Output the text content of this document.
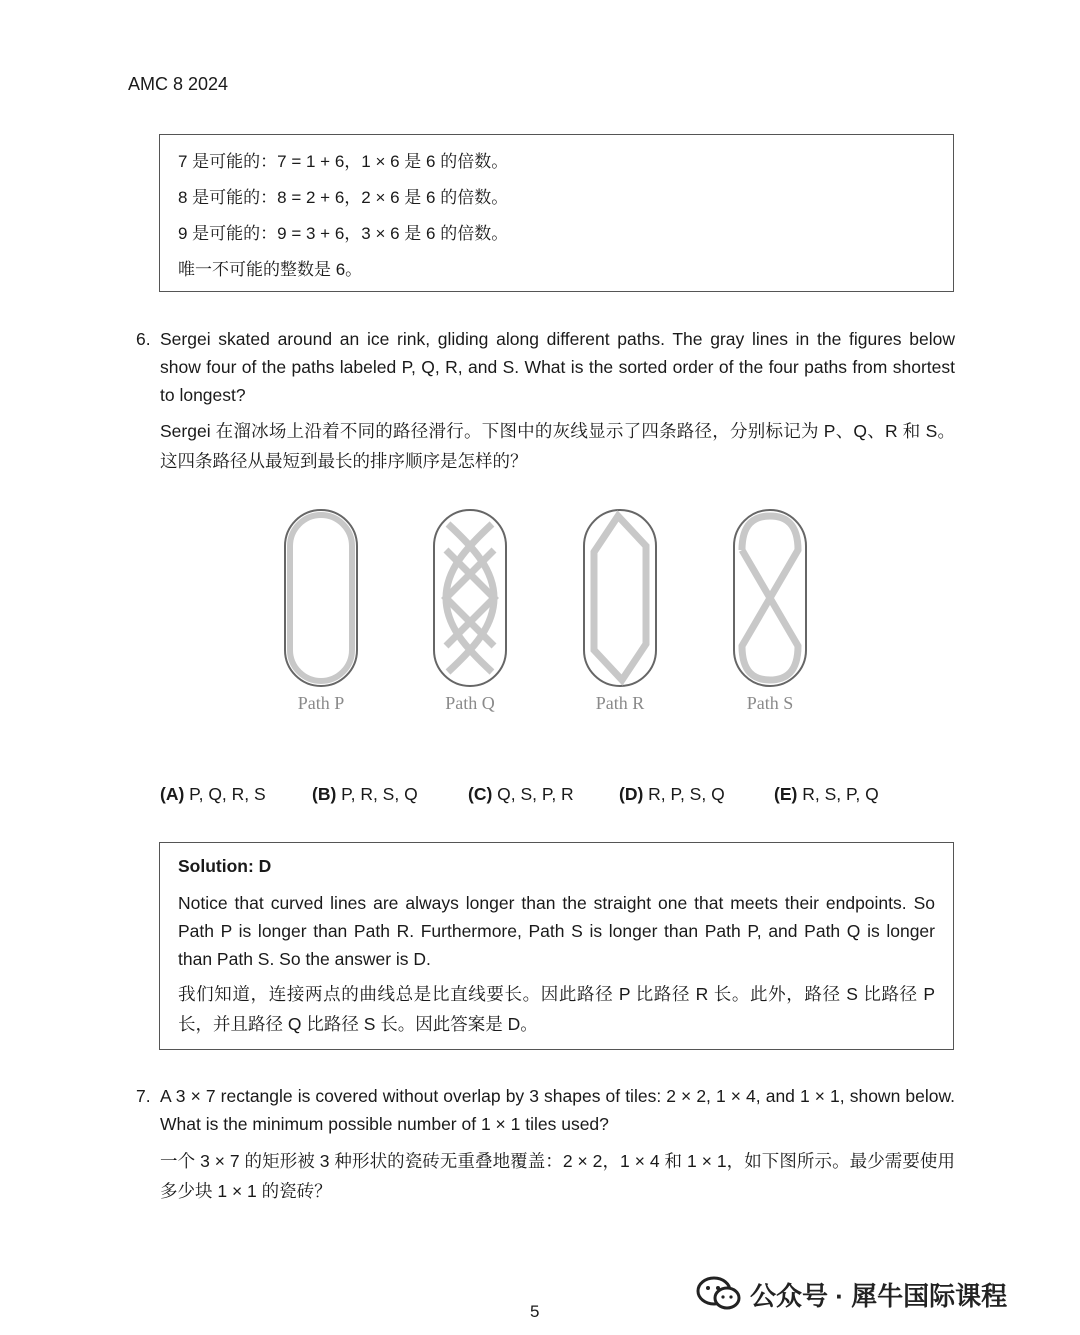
AMC 8 2024
7 是可能的：7 = 1 + 6，1 × 6 是 6 的倍数。
8 是可能的：8 = 2 + 6，2 × 6 是 6 的倍数。
9 是可能的：9 = 3 + 6，3 × 6 是 6 的倍数。
唯一不可能的整数是 6。
6. Sergei skated around an ice rink, gliding along different paths. The gray lines in the figures below show four of the paths labeled P, Q, R, and S. What is the sorted order of the four paths from shortest to longest?
Sergei 在溜冰场上沿着不同的路径滑行。下图中的灰线显示了四条路径，分别标记为 P、Q、R 和 S。这四条路径从最短到最长的排序顺序是怎样的？
Path P	Path Q	Path R	Path S
(A) P, Q, R, S	(B) P, R, S, Q	(C) Q, S, P, R	(D) R, P, S, Q	(E) R, S, P, Q
Solution: D
Notice that curved lines are always longer than the straight one that meets their endpoints. So Path P is longer than Path R. Furthermore, Path S is longer than Path P, and Path Q is longer than Path S. So the answer is D.
我们知道，连接两点的曲线总是比直线要长。因此路径 P 比路径 R 长。此外，路径 S 比路径 P 长，并且路径 Q 比路径 S 长。因此答案是 D。
7. A 3 × 7 rectangle is covered without overlap by 3 shapes of tiles: 2 × 2, 1 × 4, and 1 × 1, shown below. What is the minimum possible number of 1 × 1 tiles used?
一个 3 × 7 的矩形被 3 种形状的瓷砖无重叠地覆盖：2 × 2，1 × 4 和 1 × 1，如下图所示。最少需要使用多少块 1 × 1 的瓷砖？
公众号 · 犀牛国际课程
5
